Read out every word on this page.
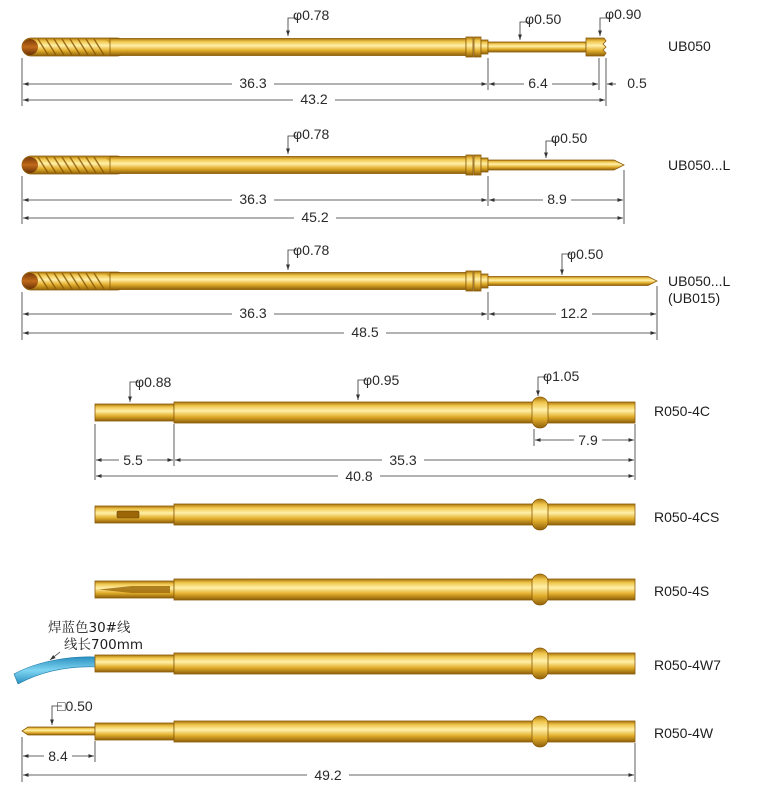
φ0.78	φ0.50	φ0.90
36.3	6.4	0.5
43.2
UB050
φ0.78	φ0.50
36.3	8.9
45.2
UB050...L
φ0.78	φ0.50
36.3	12.2
48.5
UB050...L
(UB015)
φ0.88	φ0.95	φ1.05
7.9
5.5	35.3
40.8
R050-4C
R050-4CS
R050-4S
焊蓝色30#线
线长700mm
R050-4W7
□0.50
8.4
49.2
R050-4W
